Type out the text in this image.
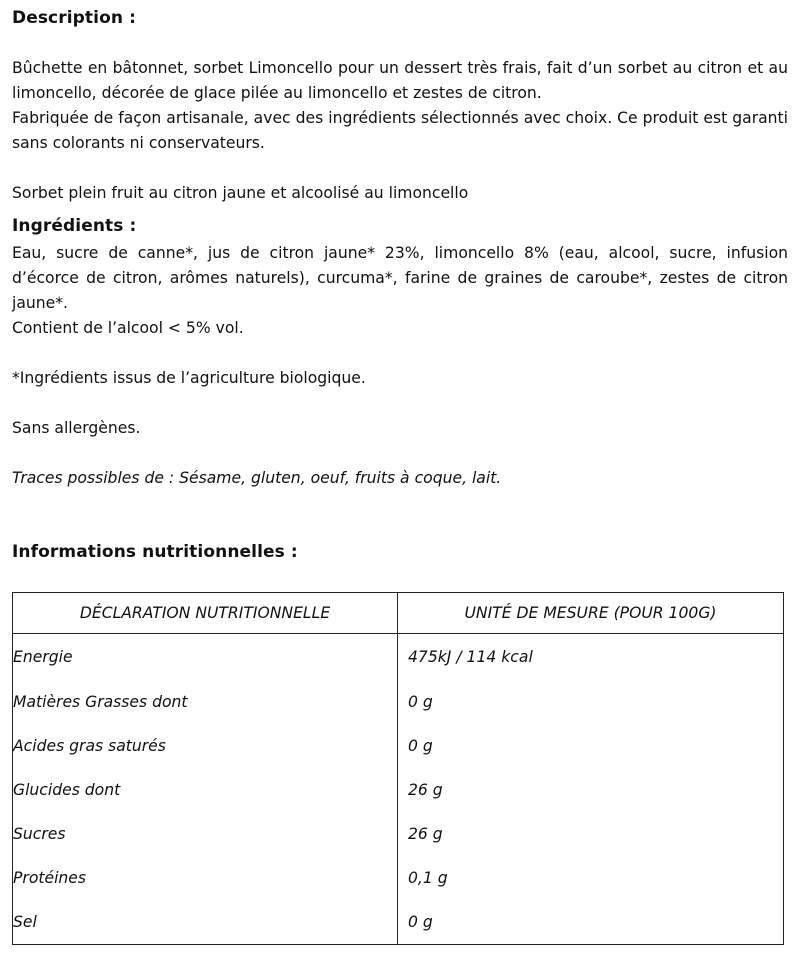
Description :

Bûchette en bâtonnet, sorbet Limoncello pour un dessert très frais, fait d’un sorbet au citron et au limoncello, décorée de glace pilée au limoncello et zestes de citron.

Fabriquée de façon artisanale, avec des ingrédients sélectionnés avec choix. Ce produit est garanti sans colorants ni conservateurs.

Sorbet plein fruit au citron jaune et alcoolisé au limoncello

Ingrédients :

Eau, sucre de canne*, jus de citron jaune* 23%, limoncello 8% (eau, alcool, sucre, infusion d’écorce de citron, arômes naturels), curcuma*, farine de graines de caroube*, zestes de citron jaune*.

Contient de l’alcool < 5% vol.

*Ingrédients issus de l’agriculture biologique.

Sans allergènes.

Traces possibles de : Sésame, gluten, oeuf, fruits à coque, lait.

Informations nutritionnelles :
DÉCLARATION NUTRITIONNELLE	UNITÉ DE MESURE (POUR 100G)
Energie	475kJ / 114 kcal
Matières Grasses dont	0 g
Acides gras saturés	0 g
Glucides dont	26 g
Sucres	26 g
Protéines	0,1 g
Sel	0 g
